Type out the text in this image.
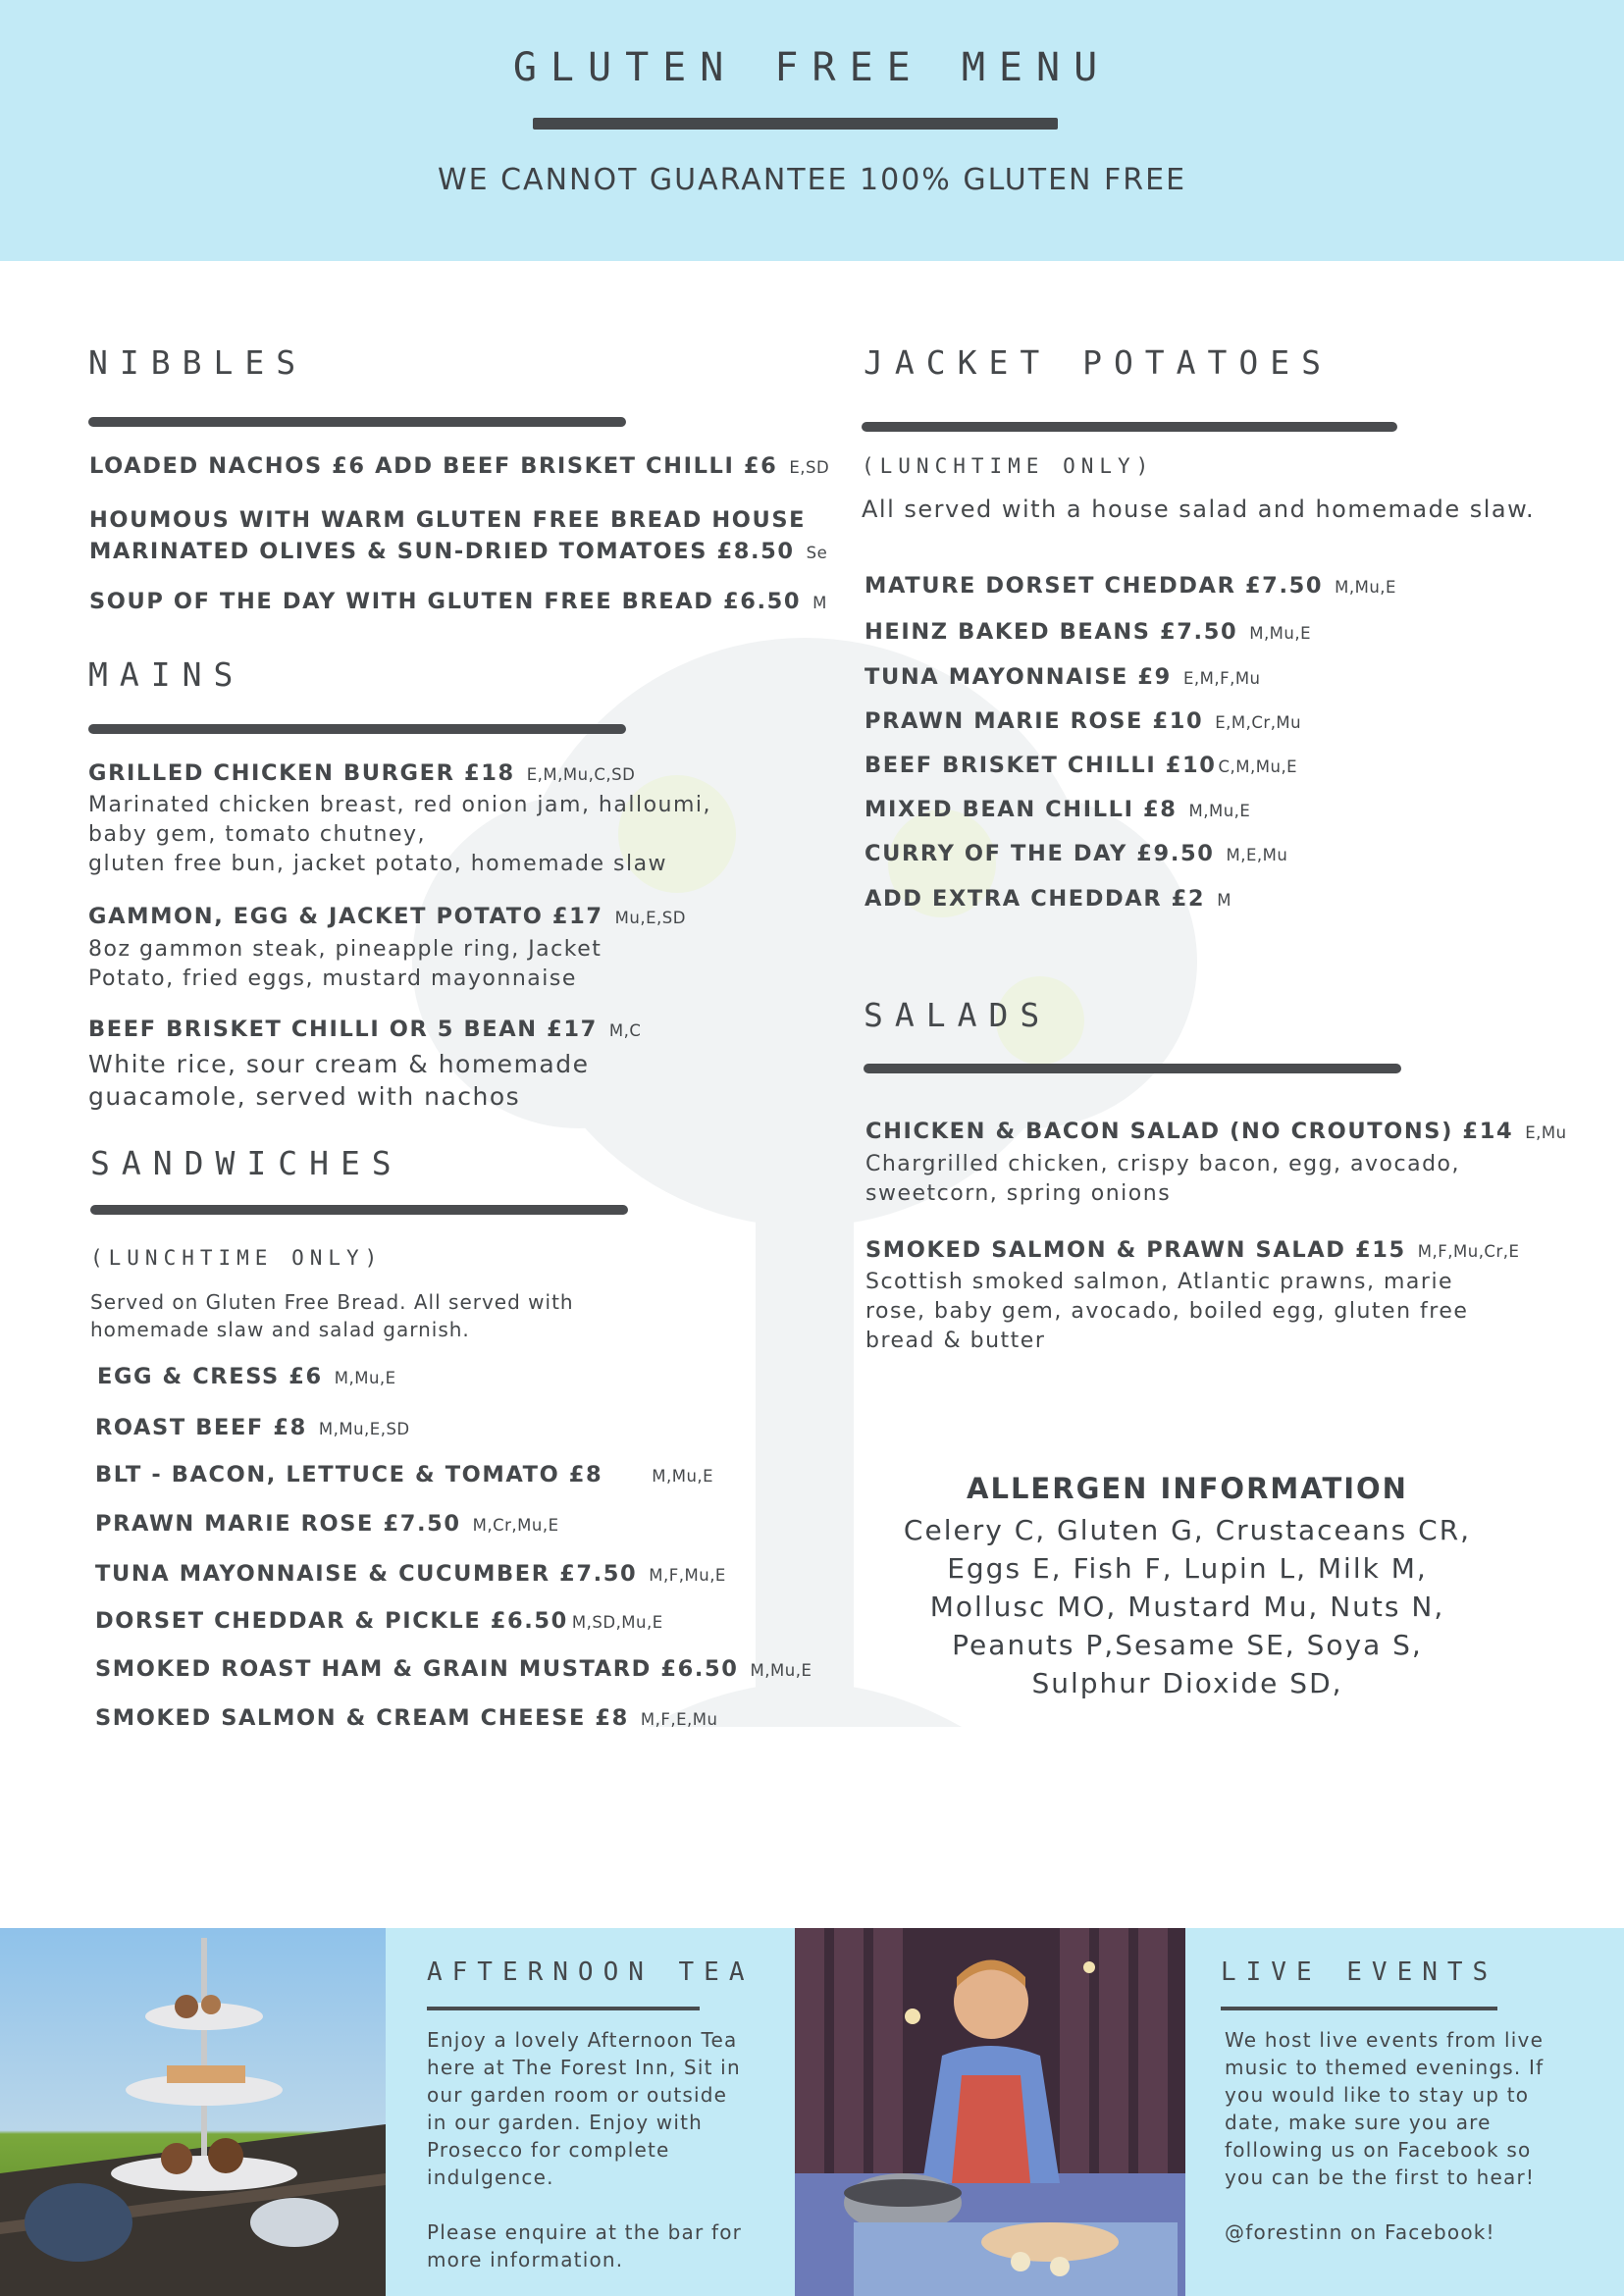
GLUTEN FREE MENU
WE CANNOT GUARANTEE 100% GLUTEN FREE
NIBBLES
LOADED NACHOS £6 ADD BEEF BRISKET CHILLI £6 E,SD
HOUMOUS WITH WARM GLUTEN FREE BREAD HOUSE
MARINATED OLIVES & SUN-DRIED TOMATOES £8.50 Se
SOUP OF THE DAY WITH GLUTEN FREE BREAD £6.50 M
MAINS
GRILLED CHICKEN BURGER £18 E,M,Mu,C,SD
Marinated chicken breast, red onion jam, halloumi,
baby gem, tomato chutney,
gluten free bun, jacket potato, homemade slaw
GAMMON, EGG & JACKET POTATO £17 Mu,E,SD
8oz gammon steak, pineapple ring, Jacket
Potato, fried eggs, mustard mayonnaise
BEEF BRISKET CHILLI OR 5 BEAN £17 M,C
White rice, sour cream & homemade
guacamole, served with nachos
SANDWICHES
(LUNCHTIME ONLY)
Served on Gluten Free Bread. All served with
homemade slaw and salad garnish.
EGG & CRESS £6 M,Mu,E
ROAST BEEF £8 M,Mu,E,SD
BLT - BACON, LETTUCE & TOMATO £8	M,Mu,E
PRAWN MARIE ROSE £7.50 M,Cr,Mu,E
TUNA MAYONNAISE & CUCUMBER £7.50 M,F,Mu,E
DORSET CHEDDAR & PICKLE £6.50 M,SD,Mu,E
SMOKED ROAST HAM & GRAIN MUSTARD £6.50 M,Mu,E
SMOKED SALMON & CREAM CHEESE £8 M,F,E,Mu
JACKET POTATOES
(LUNCHTIME ONLY)
All served with a house salad and homemade slaw.
MATURE DORSET CHEDDAR £7.50 M,Mu,E
HEINZ BAKED BEANS £7.50 M,Mu,E
TUNA MAYONNAISE £9 E,M,F,Mu
PRAWN MARIE ROSE £10 E,M,Cr,Mu
BEEF BRISKET CHILLI £10 C,M,Mu,E
MIXED BEAN CHILLI £8 M,Mu,E
CURRY OF THE DAY £9.50 M,E,Mu
ADD EXTRA CHEDDAR £2 M
SALADS
CHICKEN & BACON SALAD (NO CROUTONS) £14 E,Mu
Chargrilled chicken, crispy bacon, egg, avocado,
sweetcorn, spring onions
SMOKED SALMON & PRAWN SALAD £15 M,F,Mu,Cr,E
Scottish smoked salmon, Atlantic prawns, marie
rose, baby gem, avocado, boiled egg, gluten free
bread & butter
ALLERGEN INFORMATION
Celery C, Gluten G, Crustaceans CR,
Eggs E, Fish F, Lupin L, Milk M,
Mollusc MO, Mustard Mu, Nuts N,
Peanuts P,Sesame SE, Soya S,
Sulphur Dioxide SD,
AFTERNOON TEA
Enjoy a lovely Afternoon Tea
here at The Forest Inn, Sit in
our garden room or outside
in our garden. Enjoy with
Prosecco for complete
indulgence.
Please enquire at the bar for
more information.
LIVE EVENTS
We host live events from live
music to themed evenings. If
you would like to stay up to
date, make sure you are
following us on Facebook so
you can be the first to hear!
@forestinn on Facebook!
